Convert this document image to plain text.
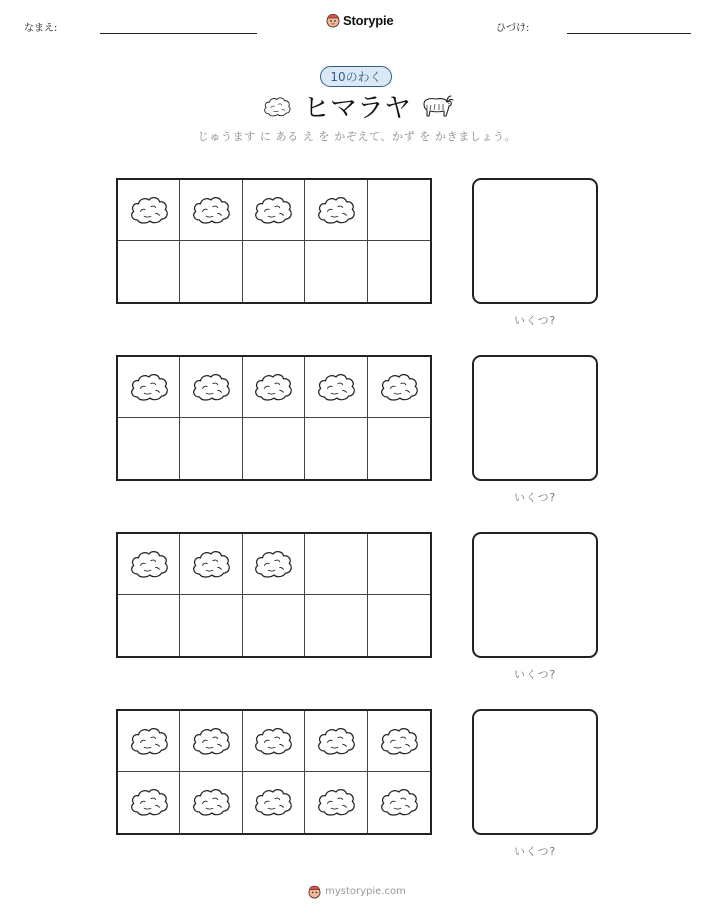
なまえ:
Storypie
ひづけ:
10のわく
ヒマラヤ
じゅうます に ある え を かぞえて、かず を かきましょう。
いくつ?
いくつ?
いくつ?
いくつ?
mystorypie.com
